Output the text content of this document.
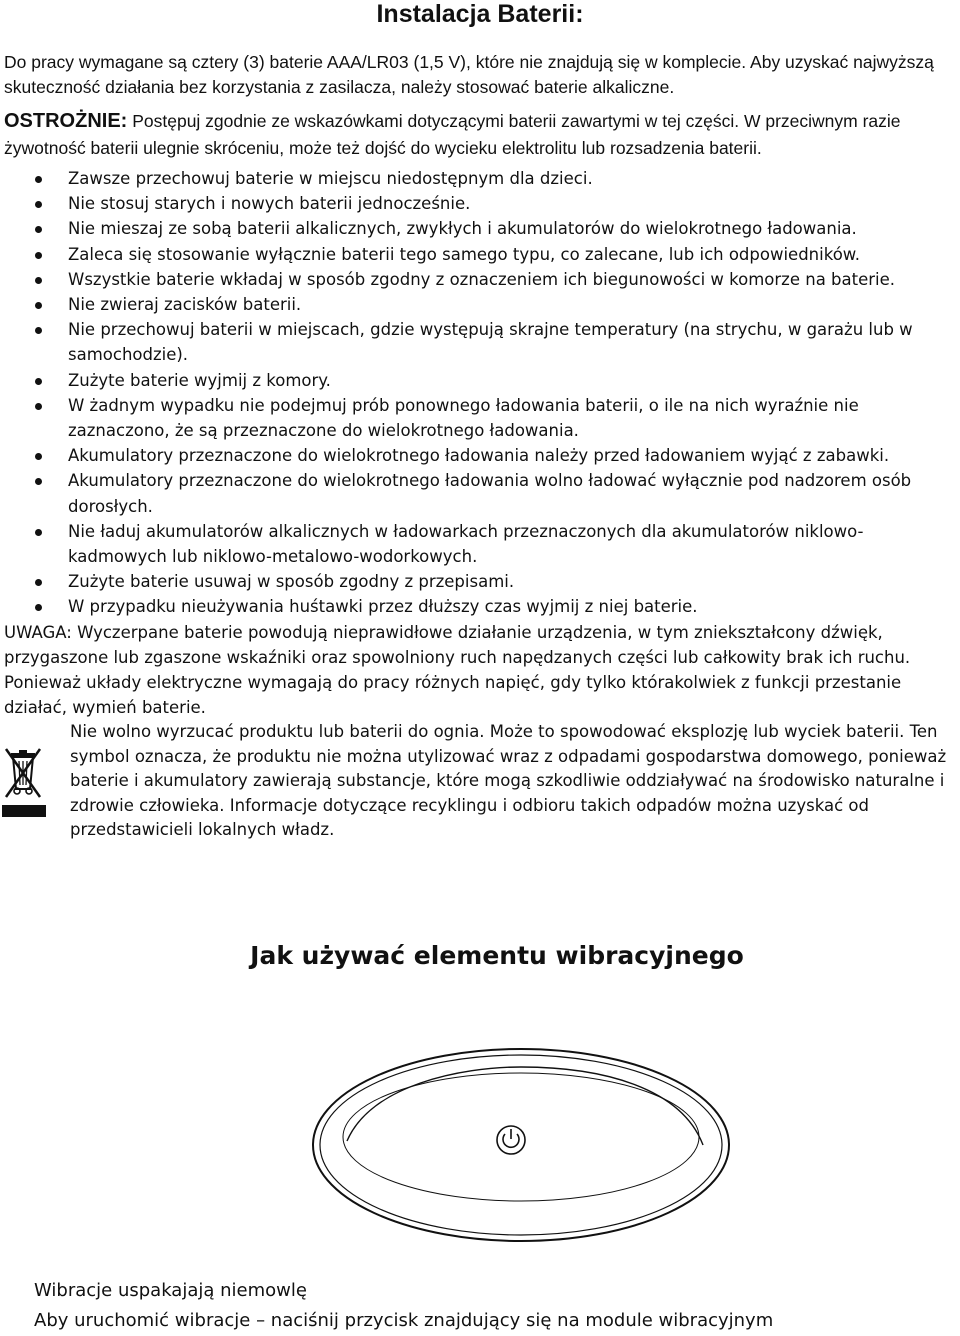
Instalacja Baterii:
Do pracy wymagane są cztery (3) baterie AAA/LR03 (1,5 V), które nie znajdują się w komplecie. Aby uzyskać najwyższą skuteczność działania bez korzystania z zasilacza, należy stosować baterie alkaliczne.
OSTROŻNIE: Postępuj zgodnie ze wskazówkami dotyczącymi baterii zawartymi w tej części. W przeciwnym razie żywotność baterii ulegnie skróceniu, może też dojść do wycieku elektrolitu lub rozsadzenia baterii.
Zawsze przechowuj baterie w miejscu niedostępnym dla dzieci.
Nie stosuj starych i nowych baterii jednocześnie.
Nie mieszaj ze sobą baterii alkalicznych, zwykłych i akumulatorów do wielokrotnego ładowania.
Zaleca się stosowanie wyłącznie baterii tego samego typu, co zalecane, lub ich odpowiedników.
Wszystkie baterie wkładaj w sposób zgodny z oznaczeniem ich biegunowości w komorze na baterie.
Nie zwieraj zacisków baterii.
Nie przechowuj baterii w miejscach, gdzie występują skrajne temperatury (na strychu, w garażu lub w samochodzie).
Zużyte baterie wyjmij z komory.
W żadnym wypadku nie podejmuj prób ponownego ładowania baterii, o ile na nich wyraźnie nie zaznaczono, że są przeznaczone do wielokrotnego ładowania.
Akumulatory przeznaczone do wielokrotnego ładowania należy przed ładowaniem wyjąć z zabawki.
Akumulatory przeznaczone do wielokrotnego ładowania wolno ładować wyłącznie pod nadzorem osób dorosłych.
Nie ładuj akumulatorów alkalicznych w ładowarkach przeznaczonych dla akumulatorów niklowo-kadmowych lub niklowo-metalowo-wodorkowych.
Zużyte baterie usuwaj w sposób zgodny z przepisami.
W przypadku nieużywania huśtawki przez dłuższy czas wyjmij z niej baterie.
UWAGA: Wyczerpane baterie powodują nieprawidłowe działanie urządzenia, w tym zniekształcony dźwięk, przygaszone lub zgaszone wskaźniki oraz spowolniony ruch napędzanych części lub całkowity brak ich ruchu. Ponieważ układy elektryczne wymagają do pracy różnych napięć, gdy tylko którakolwiek z funkcji przestanie działać, wymień baterie.
Nie wolno wyrzucać produktu lub baterii do ognia. Może to spowodować eksplozję lub wyciek baterii. Ten symbol oznacza, że produktu nie można utylizować wraz z odpadami gospodarstwa domowego, ponieważ baterie i akumulatory zawierają substancje, które mogą szkodliwie oddziaływać na środowisko naturalne i zdrowie człowieka. Informacje dotyczące recyklingu i odbioru takich odpadów można uzyskać od przedstawicieli lokalnych władz.
Jak używać elementu wibracyjnego
Wibracje uspakajają niemowlę
Aby uruchomić wibracje – naciśnij przycisk znajdujący się na module wibracyjnym
